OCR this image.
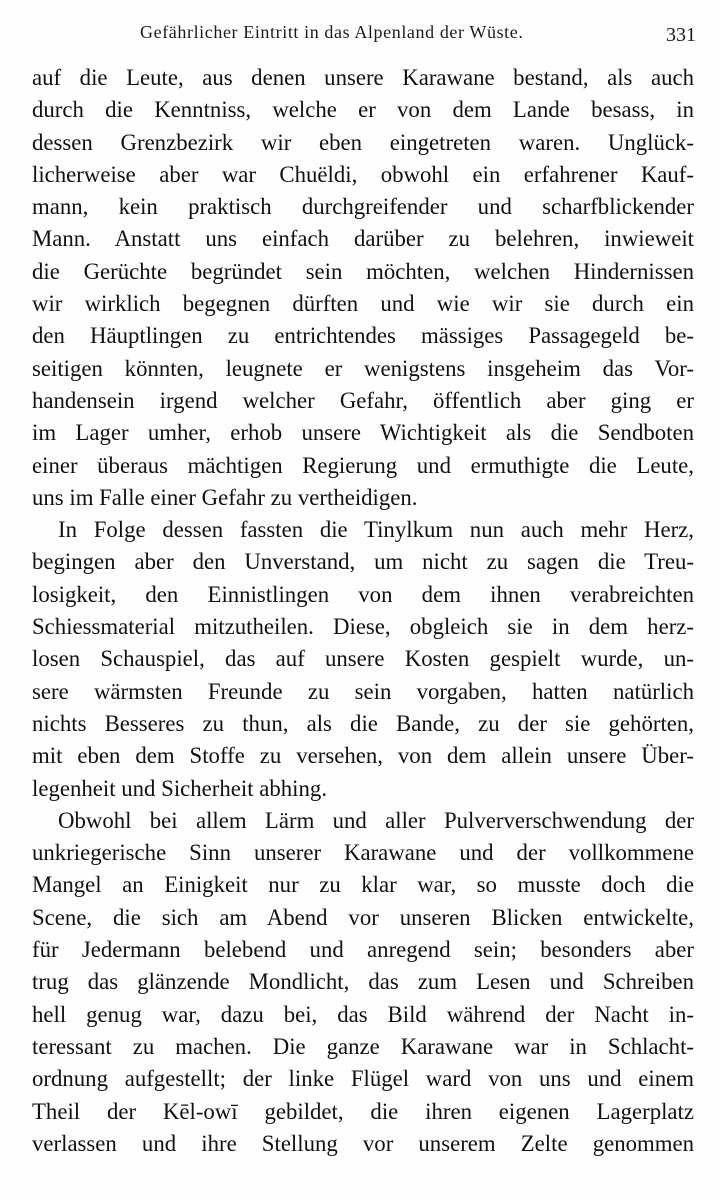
Gefährlicher Eintritt in das Alpenland der Wüste.	331

auf die Leute, aus denen unsere Karawane bestand, als auch
durch die Kenntniss, welche er von dem Lande besass, in
dessen Grenzbezirk wir eben eingetreten waren. Unglück-
licherweise aber war Chuëldi, obwohl ein erfahrener Kauf-
mann, kein praktisch durchgreifender und scharfblickender
Mann. Anstatt uns einfach darüber zu belehren, inwieweit
die Gerüchte begründet sein möchten, welchen Hindernissen
wir wirklich begegnen dürften und wie wir sie durch ein
den Häuptlingen zu entrichtendes mässiges Passagegeld be-
seitigen könnten, leugnete er wenigstens insgeheim das Vor-
handensein irgend welcher Gefahr, öffentlich aber ging er
im Lager umher, erhob unsere Wichtigkeit als die Sendboten
einer überaus mächtigen Regierung und ermuthigte die Leute,
uns im Falle einer Gefahr zu vertheidigen.

In Folge dessen fassten die Tinylkum nun auch mehr Herz,
begingen aber den Unverstand, um nicht zu sagen die Treu-
losigkeit, den Einnistlingen von dem ihnen verabreichten
Schiessmaterial mitzutheilen. Diese, obgleich sie in dem herz-
losen Schauspiel, das auf unsere Kosten gespielt wurde, un-
sere wärmsten Freunde zu sein vorgaben, hatten natürlich
nichts Besseres zu thun, als die Bande, zu der sie gehörten,
mit eben dem Stoffe zu versehen, von dem allein unsere Über-
legenheit und Sicherheit abhing.

Obwohl bei allem Lärm und aller Pulververschwendung der
unkriegerische Sinn unserer Karawane und der vollkommene
Mangel an Einigkeit nur zu klar war, so musste doch die
Scene, die sich am Abend vor unseren Blicken entwickelte,
für Jedermann belebend und anregend sein; besonders aber
trug das glänzende Mondlicht, das zum Lesen und Schreiben
hell genug war, dazu bei, das Bild während der Nacht in-
teressant zu machen. Die ganze Karawane war in Schlacht-
ordnung aufgestellt; der linke Flügel ward von uns und einem
Theil der Kēl-owī gebildet, die ihren eigenen Lagerplatz
verlassen und ihre Stellung vor unserem Zelte genommen
